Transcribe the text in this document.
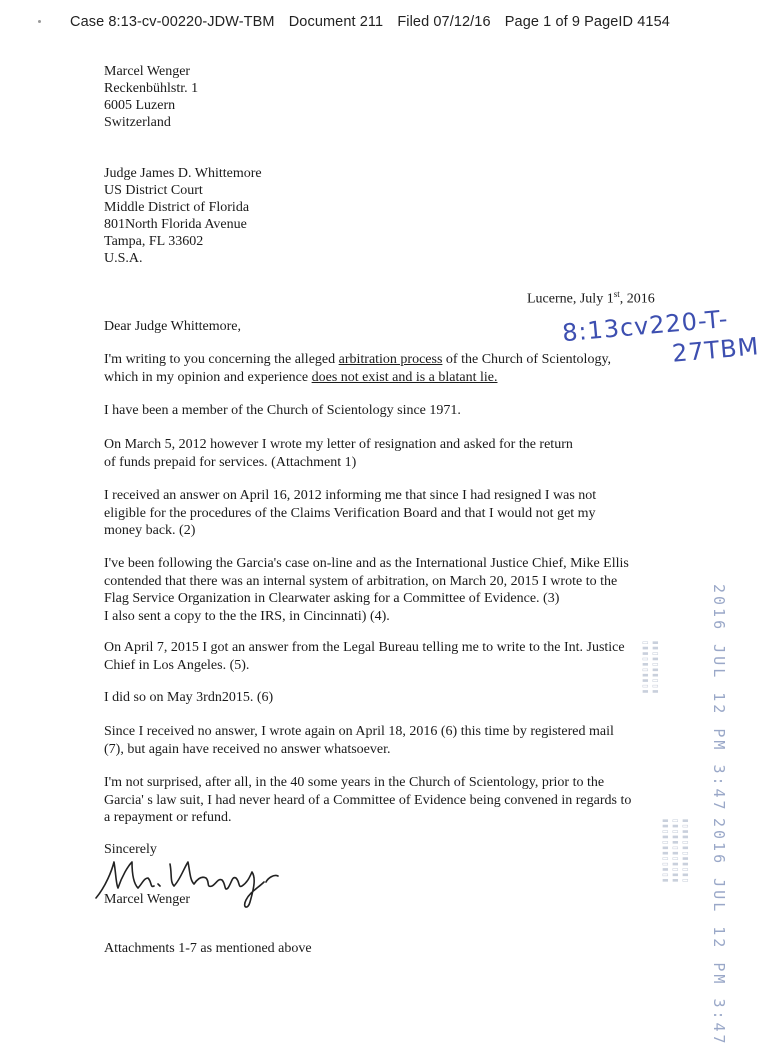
Case 8:13-cv-00220-JDW-TBM Document 211 Filed 07/12/16 Page 1 of 9 PageID 4154
Marcel Wenger
Reckenbühlstr. 1
6005 Luzern
Switzerland
Judge James D. Whittemore
US District Court
Middle District of Florida
801North Florida Avenue
Tampa, FL 33602
U.S.A.
Lucerne, July 1st, 2016
8:13cv220-T-
27TBM
Dear Judge Whittemore,
I'm writing to you concerning the alleged arbitration process of the Church of Scientology,
which in my opinion and experience does not exist and is a blatant lie.
I have been a member of the Church of Scientology since 1971.
On March 5, 2012 however I wrote my letter of resignation and asked for the return
of funds prepaid for services. (Attachment 1)
I received an answer on April 16, 2012 informing me that since I had resigned I was not
eligible for the procedures of the Claims Verification Board and that I would not get my
money back. (2)
I've been following the Garcia's case on-line and as the International Justice Chief, Mike Ellis
contended that there was an internal system of arbitration, on March 20, 2015 I wrote to the
Flag Service Organization in Clearwater asking for a Committee of Evidence. (3)
I also sent a copy to the the IRS, in Cincinnati) (4).
On April 7, 2015 I got an answer from the Legal Bureau telling me to write to the Int. Justice
Chief in Los Angeles. (5).
I did so on May 3rdn2015. (6)
Since I received no answer, I wrote again on April 18, 2016 (6) this time by registered mail
(7), but again have received no answer whatsoever.
I'm not surprised, after all, in the 40 some years in the Church of Scientology, prior to the
Garcia' s law suit, I had never heard of a Committee of Evidence being convened in regards to
a repayment or refund.
Sincerely
Marcel Wenger
Attachments 1-7 as mentioned above
2016 JUL 12 PM 3:47
2016 JUL 12 PM 3:47
▮▮▯▮▯▮▮▯▯▮
▯▮▮▯▮▯▮▮▯▮
▮▯▮▮▯▮▯▮▮▯▮▯
▯▮▯▮▮▯▮▯▮▯▮▮
▮▮▯▮▯▮▮▯▯▮▯▮
